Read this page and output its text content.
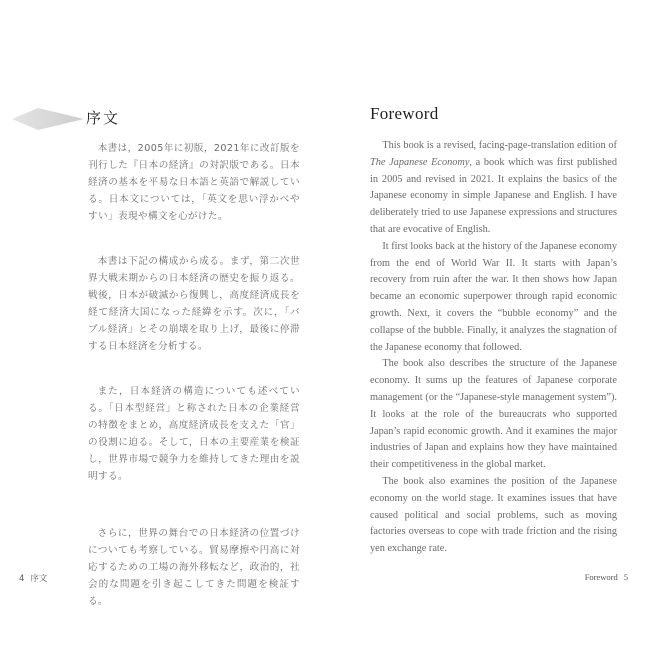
序文

本書は，2005年に初版，2021年に改訂版を刊行した『日本の経済』の対訳版である。日本経済の基本を平易な日本語と英語で解説している。日本文については，「英文を思い浮かべやすい」表現や構文を心がけた。

本書は下記の構成から成る。まず，第二次世界大戦末期からの日本経済の歴史を振り返る。戦後，日本が破滅から復興し，高度経済成長を経て経済大国になった経緯を示す。次に，「バブル経済」とその崩壊を取り上げ，最後に停滞する日本経済を分析する。

また，日本経済の構造についても述べている。「日本型経営」と称された日本の企業経営の特徴をまとめ，高度経済成長を支えた「官」の役割に迫る。そして，日本の主要産業を検証し，世界市場で競争力を維持してきた理由を説明する。

さらに，世界の舞台での日本経済の位置づけについても考察している。貿易摩擦や円高に対応するための工場の海外移転など，政治的，社会的な問題を引き起こしてきた問題を検証する。

4 序文
Foreword

This book is a revised, facing-page-translation edition of The Japanese Economy, a book which was first published in 2005 and revised in 2021. It explains the basics of the Japanese economy in simple Japanese and English. I have deliberately tried to use Japanese expressions and structures that are evocative of English.

It first looks back at the history of the Japanese economy from the end of World War II. It starts with Japan’s recovery from ruin after the war. It then shows how Japan became an economic superpower through rapid economic growth. Next, it covers the “bubble economy” and the collapse of the bubble. Finally, it analyzes the stagnation of the Japanese economy that followed.

The book also describes the structure of the Japanese economy. It sums up the features of Japanese corporate management (or the “Japanese-style management system”). It looks at the role of the bureaucrats who supported Japan’s rapid economic growth. And it examines the major industries of Japan and explains how they have maintained their competitiveness in the global market.

The book also examines the position of the Japanese economy on the world stage. It examines issues that have caused political and social problems, such as moving factories overseas to cope with trade friction and the rising yen exchange rate.

Foreword 5
